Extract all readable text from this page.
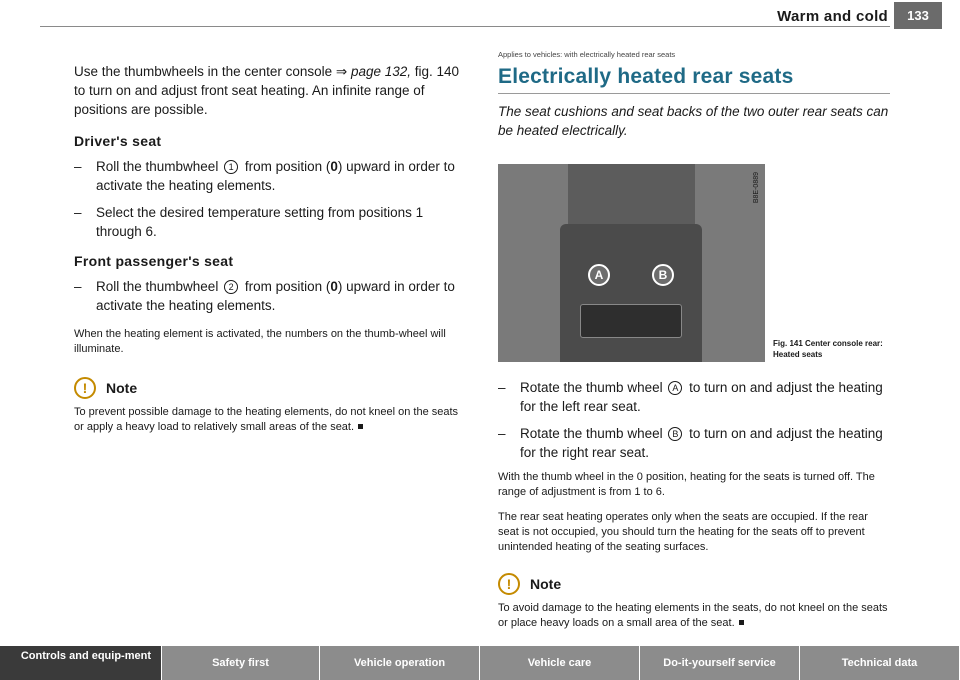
Warm and cold	133

Use the thumbwheels in the center console ⇒ page 132, fig. 140 to turn on and adjust front seat heating. An infinite range of positions are possible.

Driver's seat

– Roll the thumbwheel 1 from position (0) upward in order to activate the heating elements.

– Select the desired temperature setting from positions 1 through 6.

Front passenger's seat

– Roll the thumbwheel 2 from position (0) upward in order to activate the heating elements.

When the heating element is activated, the numbers on the thumb-wheel will illuminate.

!	Note

To prevent possible damage to the heating elements, do not kneel on the seats or apply a heavy load to relatively small areas of the seat.

Applies to vehicles: with electrically heated rear seats
Electrically heated rear seats

The seat cushions and seat backs of the two outer rear seats can be heated electrically.

A	B
B8E-0889
Fig. 141 Center console rear: Heated seats

– Rotate the thumb wheel A to turn on and adjust the heating for the left rear seat.

– Rotate the thumb wheel B to turn on and adjust the heating for the right rear seat.

With the thumb wheel in the 0 position, heating for the seats is turned off. The range of adjustment is from 1 to 6.

The rear seat heating operates only when the seats are occupied. If the rear seat is not occupied, you should turn the heating for the seats off to prevent unintended heating of the seating surfaces.

!	Note

To avoid damage to the heating elements in the seats, do not kneel on the seats or place heavy loads on a small area of the seat.

Controls and equip-ment
Safety first	Vehicle operation	Vehicle care	Do-it-yourself service	Technical data
